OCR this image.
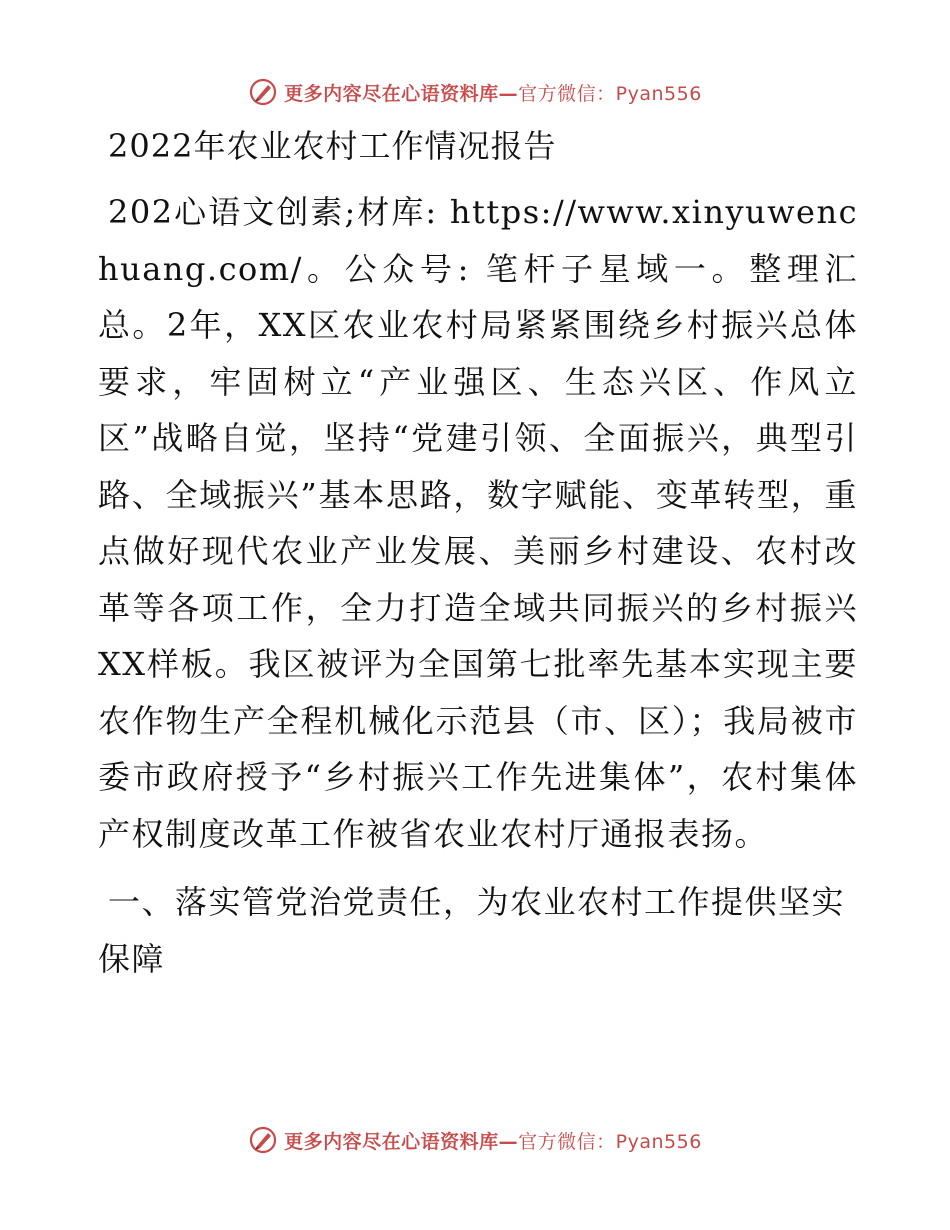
更多内容尽在心语资料库—官方微信：Pyan556
2022年农业农村工作情况报告

202心语文创素;材库: https://www.xinyuwenchuang.com/。公众号: 笔杆子星域一。整理汇总。2年，XX区农业农村局紧紧围绕乡村振兴总体要求，牢固树立“产业强区、生态兴区、作风立区”战略自觉，坚持“党建引领、全面振兴，典型引路、全域振兴”基本思路，数字赋能、变革转型，重点做好现代农业产业发展、美丽乡村建设、农村改革等各项工作，全力打造全域共同振兴的乡村振兴XX样板。我区被评为全国第七批率先基本实现主要农作物生产全程机械化示范县（市、区）；我局被市委市政府授予“乡村振兴工作先进集体”，农村集体产权制度改革工作被省农业农村厅通报表扬。

一、落实管党治党责任，为农业农村工作提供坚实保障

更多内容尽在心语资料库—官方微信：Pyan556
